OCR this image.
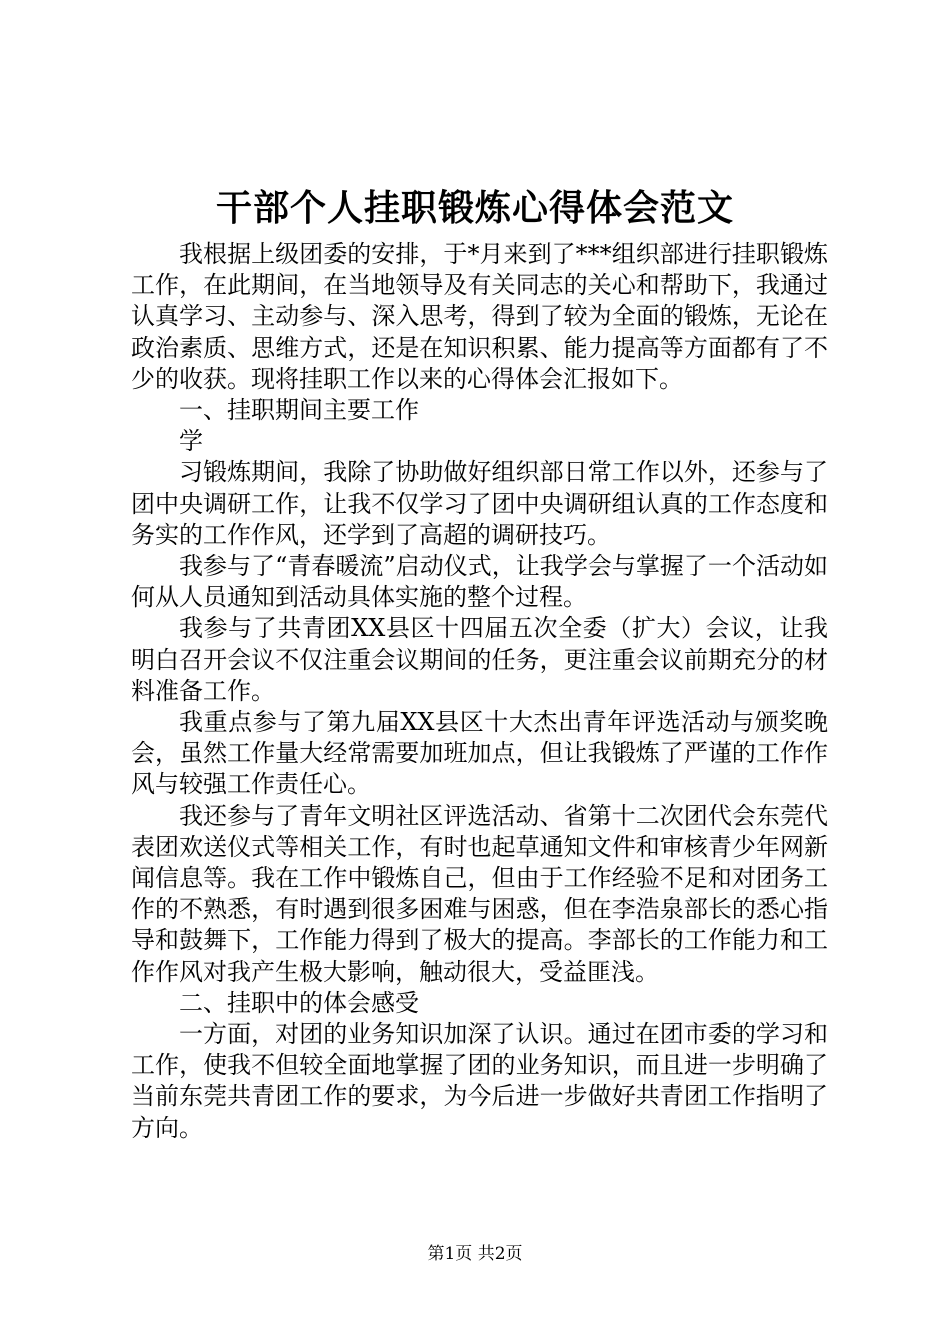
干部个人挂职锻炼心得体会范文

我根据上级团委的安排，于*月来到了***组织部进行挂职锻炼工作，在此期间，在当地领导及有关同志的关心和帮助下，我通过认真学习、主动参与、深入思考，得到了较为全面的锻炼，无论在政治素质、思维方式，还是在知识积累、能力提高等方面都有了不少的收获。现将挂职工作以来的心得体会汇报如下。

一、挂职期间主要工作

学

习锻炼期间，我除了协助做好组织部日常工作以外，还参与了团中央调研工作，让我不仅学习了团中央调研组认真的工作态度和务实的工作作风，还学到了高超的调研技巧。

我参与了“青春暖流”启动仪式，让我学会与掌握了一个活动如何从人员通知到活动具体实施的整个过程。

我参与了共青团XX县区十四届五次全委（扩大）会议，让我明白召开会议不仅注重会议期间的任务，更注重会议前期充分的材料准备工作。

我重点参与了第九届XX县区十大杰出青年评选活动与颁奖晚会，虽然工作量大经常需要加班加点，但让我锻炼了严谨的工作作风与较强工作责任心。

我还参与了青年文明社区评选活动、省第十二次团代会东莞代表团欢送仪式等相关工作，有时也起草通知文件和审核青少年网新闻信息等。我在工作中锻炼自己，但由于工作经验不足和对团务工作的不熟悉，有时遇到很多困难与困惑，但在李浩泉部长的悉心指导和鼓舞下，工作能力得到了极大的提高。李部长的工作能力和工作作风对我产生极大影响，触动很大，受益匪浅。

二、挂职中的体会感受

一方面，对团的业务知识加深了认识。通过在团市委的学习和工作，使我不但较全面地掌握了团的业务知识，而且进一步明确了当前东莞共青团工作的要求，为今后进一步做好共青团工作指明了方向。

第1页 共2页
